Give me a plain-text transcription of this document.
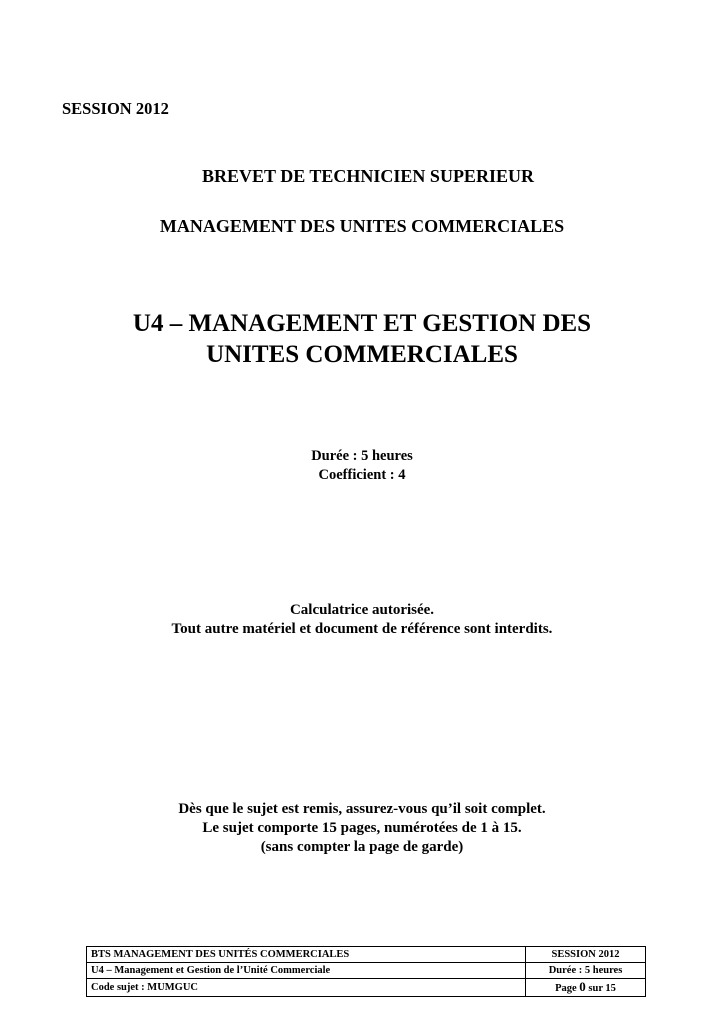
SESSION 2012
BREVET DE TECHNICIEN SUPERIEUR
MANAGEMENT DES UNITES COMMERCIALES
U4 – MANAGEMENT ET GESTION DES
UNITES COMMERCIALES
Durée : 5 heures
Coefficient : 4
Calculatrice autorisée.
Tout autre matériel et document de référence sont interdits.
Dès que le sujet est remis, assurez-vous qu’il soit complet.
Le sujet comporte 15 pages, numérotées de 1 à 15.
(sans compter la page de garde)
BTS MANAGEMENT DES UNITÉS COMMERCIALES	SESSION 2012
U4 – Management et Gestion de l’Unité Commerciale	Durée : 5 heures
Code sujet : MUMGUC	Page 0 sur 15
